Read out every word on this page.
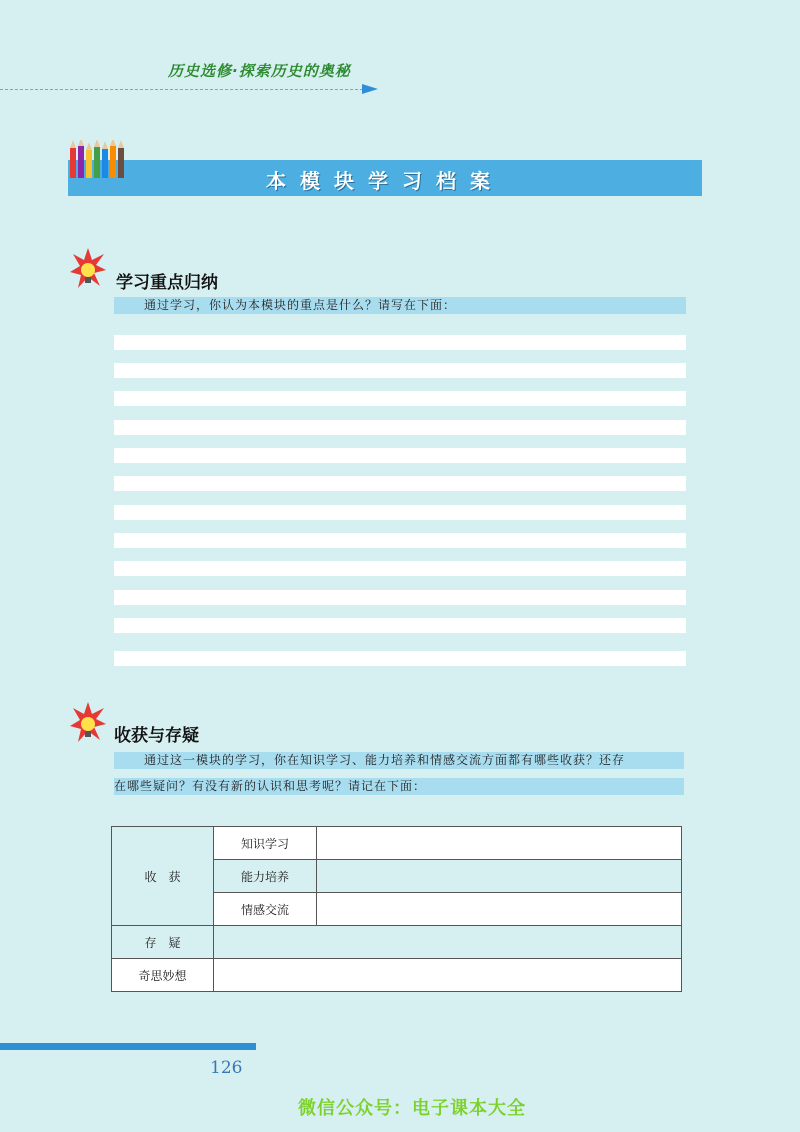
历史选修·探索历史的奥秘
本模块学习档案
学习重点归纳
通过学习，你认为本模块的重点是什么？请写在下面：
收获与存疑
通过这一模块的学习，你在知识学习、能力培养和情感交流方面都有哪些收获？还存
在哪些疑问？有没有新的认识和思考呢？请记在下面：
收　获	知识学习	
	能力培养	
	情感交流	
存　疑		
奇思妙想		
126
微信公众号：电子课本大全
